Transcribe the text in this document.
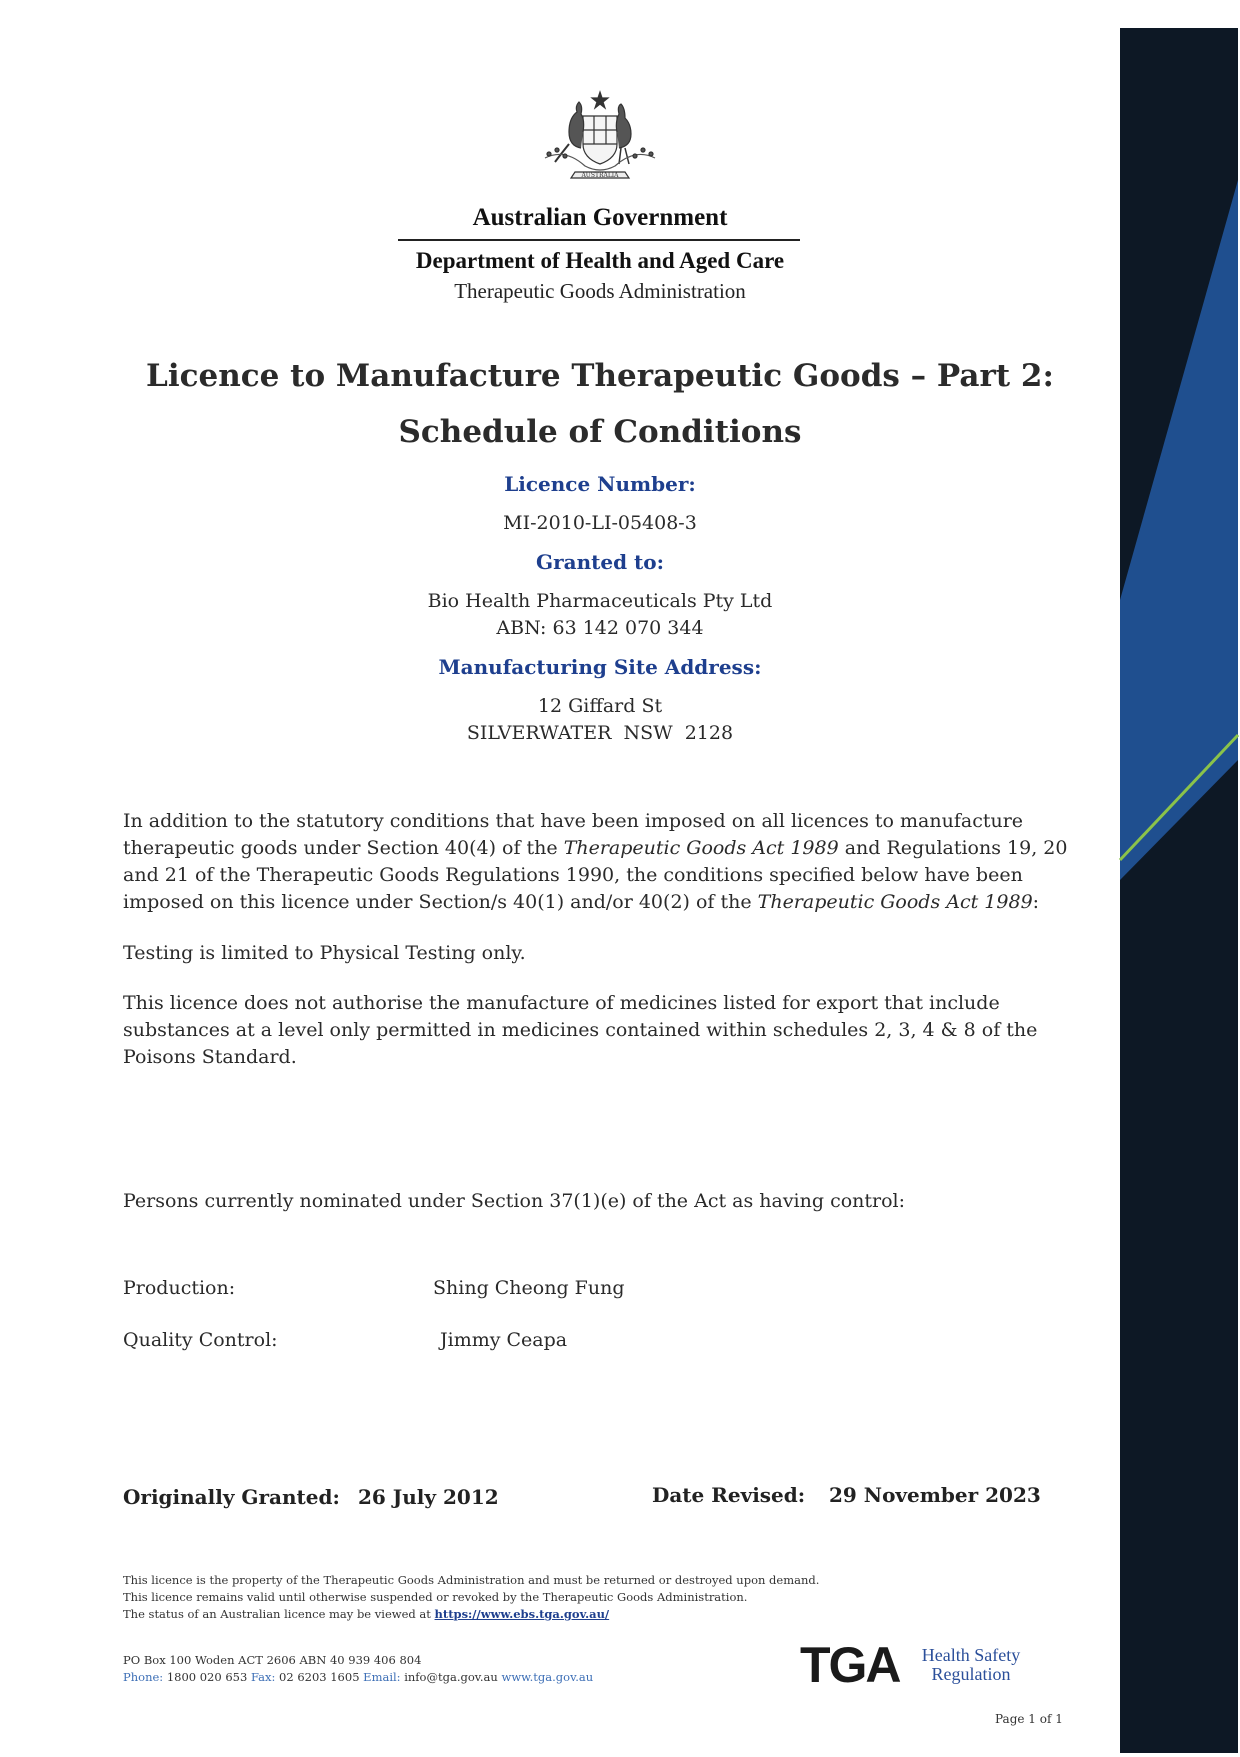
AUSTRALIA
Australian Government
Department of Health and Aged Care
Therapeutic Goods Administration
Licence to Manufacture Therapeutic Goods – Part 2:
Schedule of Conditions
Licence Number:
MI-2010-LI-05408-3
Granted to:
Bio Health Pharmaceuticals Pty Ltd
ABN: 63 142 070 344
Manufacturing Site Address:
12 Giffard St
SILVERWATER  NSW  2128
In addition to the statutory conditions that have been imposed on all licences to manufacture therapeutic goods under Section 40(4) of the Therapeutic Goods Act 1989 and Regulations 19, 20 and 21 of the Therapeutic Goods Regulations 1990, the conditions specified below have been imposed on this licence under Section/s 40(1) and/or 40(2) of the Therapeutic Goods Act 1989:
Testing is limited to Physical Testing only.
This licence does not authorise the manufacture of medicines listed for export that include substances at a level only permitted in medicines contained within schedules 2, 3, 4 & 8 of the Poisons Standard.
Persons currently nominated under Section 37(1)(e) of the Act as having control:
Production:	Shing Cheong Fung
Quality Control:	Jimmy Ceapa
Originally Granted: 26 July 2012	Date Revised: 29 November 2023
This licence is the property of the Therapeutic Goods Administration and must be returned or destroyed upon demand.
This licence remains valid until otherwise suspended or revoked by the Therapeutic Goods Administration.
The status of an Australian licence may be viewed at https://www.ebs.tga.gov.au/
PO Box 100 Woden ACT 2606 ABN 40 939 406 804
Phone: 1800 020 653 Fax: 02 6203 1605 Email: info@tga.gov.au www.tga.gov.au	TGA	Health Safety
Regulation
Page 1 of 1
